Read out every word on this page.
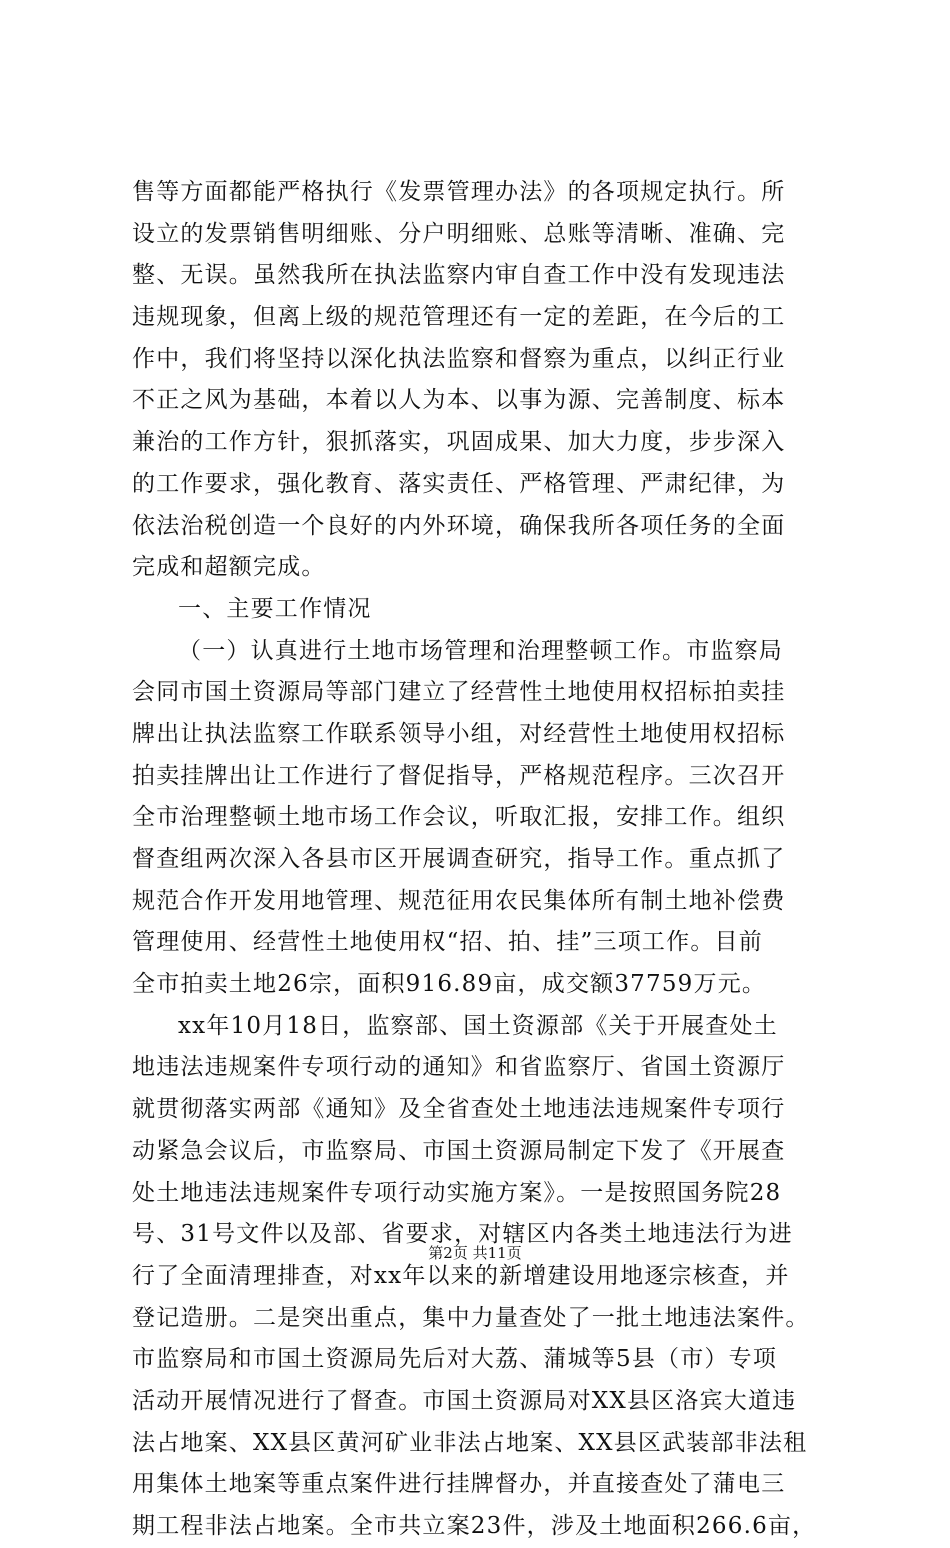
售等方面都能严格执行《发票管理办法》的各项规定执行。所
设立的发票销售明细账、分户明细账、总账等清晰、准确、完
整、无误。虽然我所在执法监察内审自查工作中没有发现违法
违规现象，但离上级的规范管理还有一定的差距，在今后的工
作中，我们将坚持以深化执法监察和督察为重点，以纠正行业
不正之风为基础，本着以人为本、以事为源、完善制度、标本
兼治的工作方针，狠抓落实，巩固成果、加大力度，步步深入
的工作要求，强化教育、落实责任、严格管理、严肃纪律，为
依法治税创造一个良好的内外环境，确保我所各项任务的全面
完成和超额完成。
一、主要工作情况
（一）认真进行土地市场管理和治理整顿工作。市监察局
会同市国土资源局等部门建立了经营性土地使用权招标拍卖挂
牌出让执法监察工作联系领导小组，对经营性土地使用权招标
拍卖挂牌出让工作进行了督促指导，严格规范程序。三次召开
全市治理整顿土地市场工作会议，听取汇报，安排工作。组织
督查组两次深入各县市区开展调查研究，指导工作。重点抓了
规范合作开发用地管理、规范征用农民集体所有制土地补偿费
管理使用、经营性土地使用权“招、拍、挂”三项工作。目前
全市拍卖土地26宗，面积916.89亩，成交额37759万元。
xx年10月18日，监察部、国土资源部《关于开展查处土
地违法违规案件专项行动的通知》和省监察厅、省国土资源厅
就贯彻落实两部《通知》及全省查处土地违法违规案件专项行
动紧急会议后，市监察局、市国土资源局制定下发了《开展查
处土地违法违规案件专项行动实施方案》。一是按照国务院28
号、31号文件以及部、省要求，对辖区内各类土地违法行为进
行了全面清理排查，对xx年以来的新增建设用地逐宗核查，并
登记造册。二是突出重点，集中力量查处了一批土地违法案件。
市监察局和市国土资源局先后对大荔、蒲城等5县（市）专项
活动开展情况进行了督查。市国土资源局对XX县区洛宾大道违
法占地案、XX县区黄河矿业非法占地案、XX县区武装部非法租
用集体土地案等重点案件进行挂牌督办，并直接查处了蒲电三
期工程非法占地案。全市共立案23件，涉及土地面积266.6亩，
第2页 共11页
